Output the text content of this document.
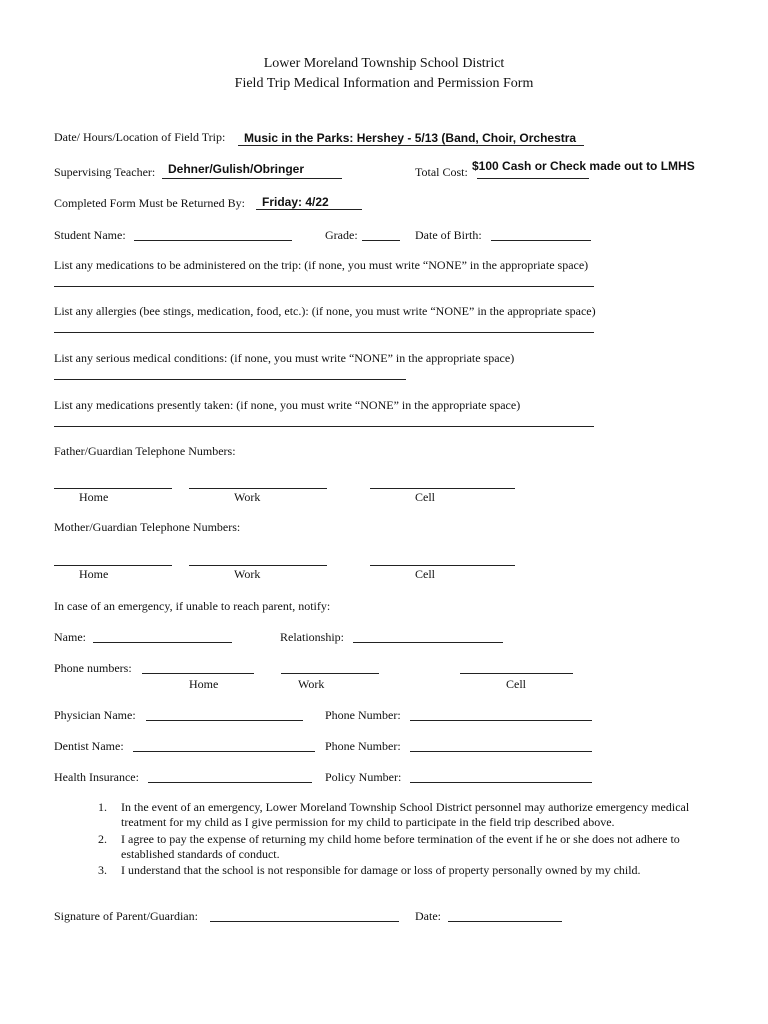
Lower Moreland Township School District
Field Trip Medical Information and Permission Form
Date/ Hours/Location of Field Trip: Music in the Parks: Hershey - 5/13 (Band, Choir, Orchestra
Supervising Teacher: Dehner/Gulish/Obringer	Total Cost: $100 Cash or Check made out to LMHS
Completed Form Must be Returned By: Friday: 4/22
Student Name:	Grade:	Date of Birth:
List any medications to be administered on the trip: (if none, you must write “NONE” in the appropriate space)
List any allergies (bee stings, medication, food, etc.): (if none, you must write “NONE” in the appropriate space)
List any serious medical conditions: (if none, you must write “NONE” in the appropriate space)
List any medications presently taken: (if none, you must write “NONE” in the appropriate space)
Father/Guardian Telephone Numbers:
Home	Work	Cell
Mother/Guardian Telephone Numbers:
Home	Work	Cell
In case of an emergency, if unable to reach parent, notify:
Name:	Relationship:
Phone numbers:
Home	Work	Cell
Physician Name:	Phone Number:
Dentist Name:	Phone Number:
Health Insurance:	Policy Number:
1. In the event of an emergency, Lower Moreland Township School District personnel may authorize emergency medical treatment for my child as I give permission for my child to participate in the field trip described above.
2. I agree to pay the expense of returning my child home before termination of the event if he or she does not adhere to established standards of conduct.
3. I understand that the school is not responsible for damage or loss of property personally owned by my child.
Signature of Parent/Guardian:	Date:
